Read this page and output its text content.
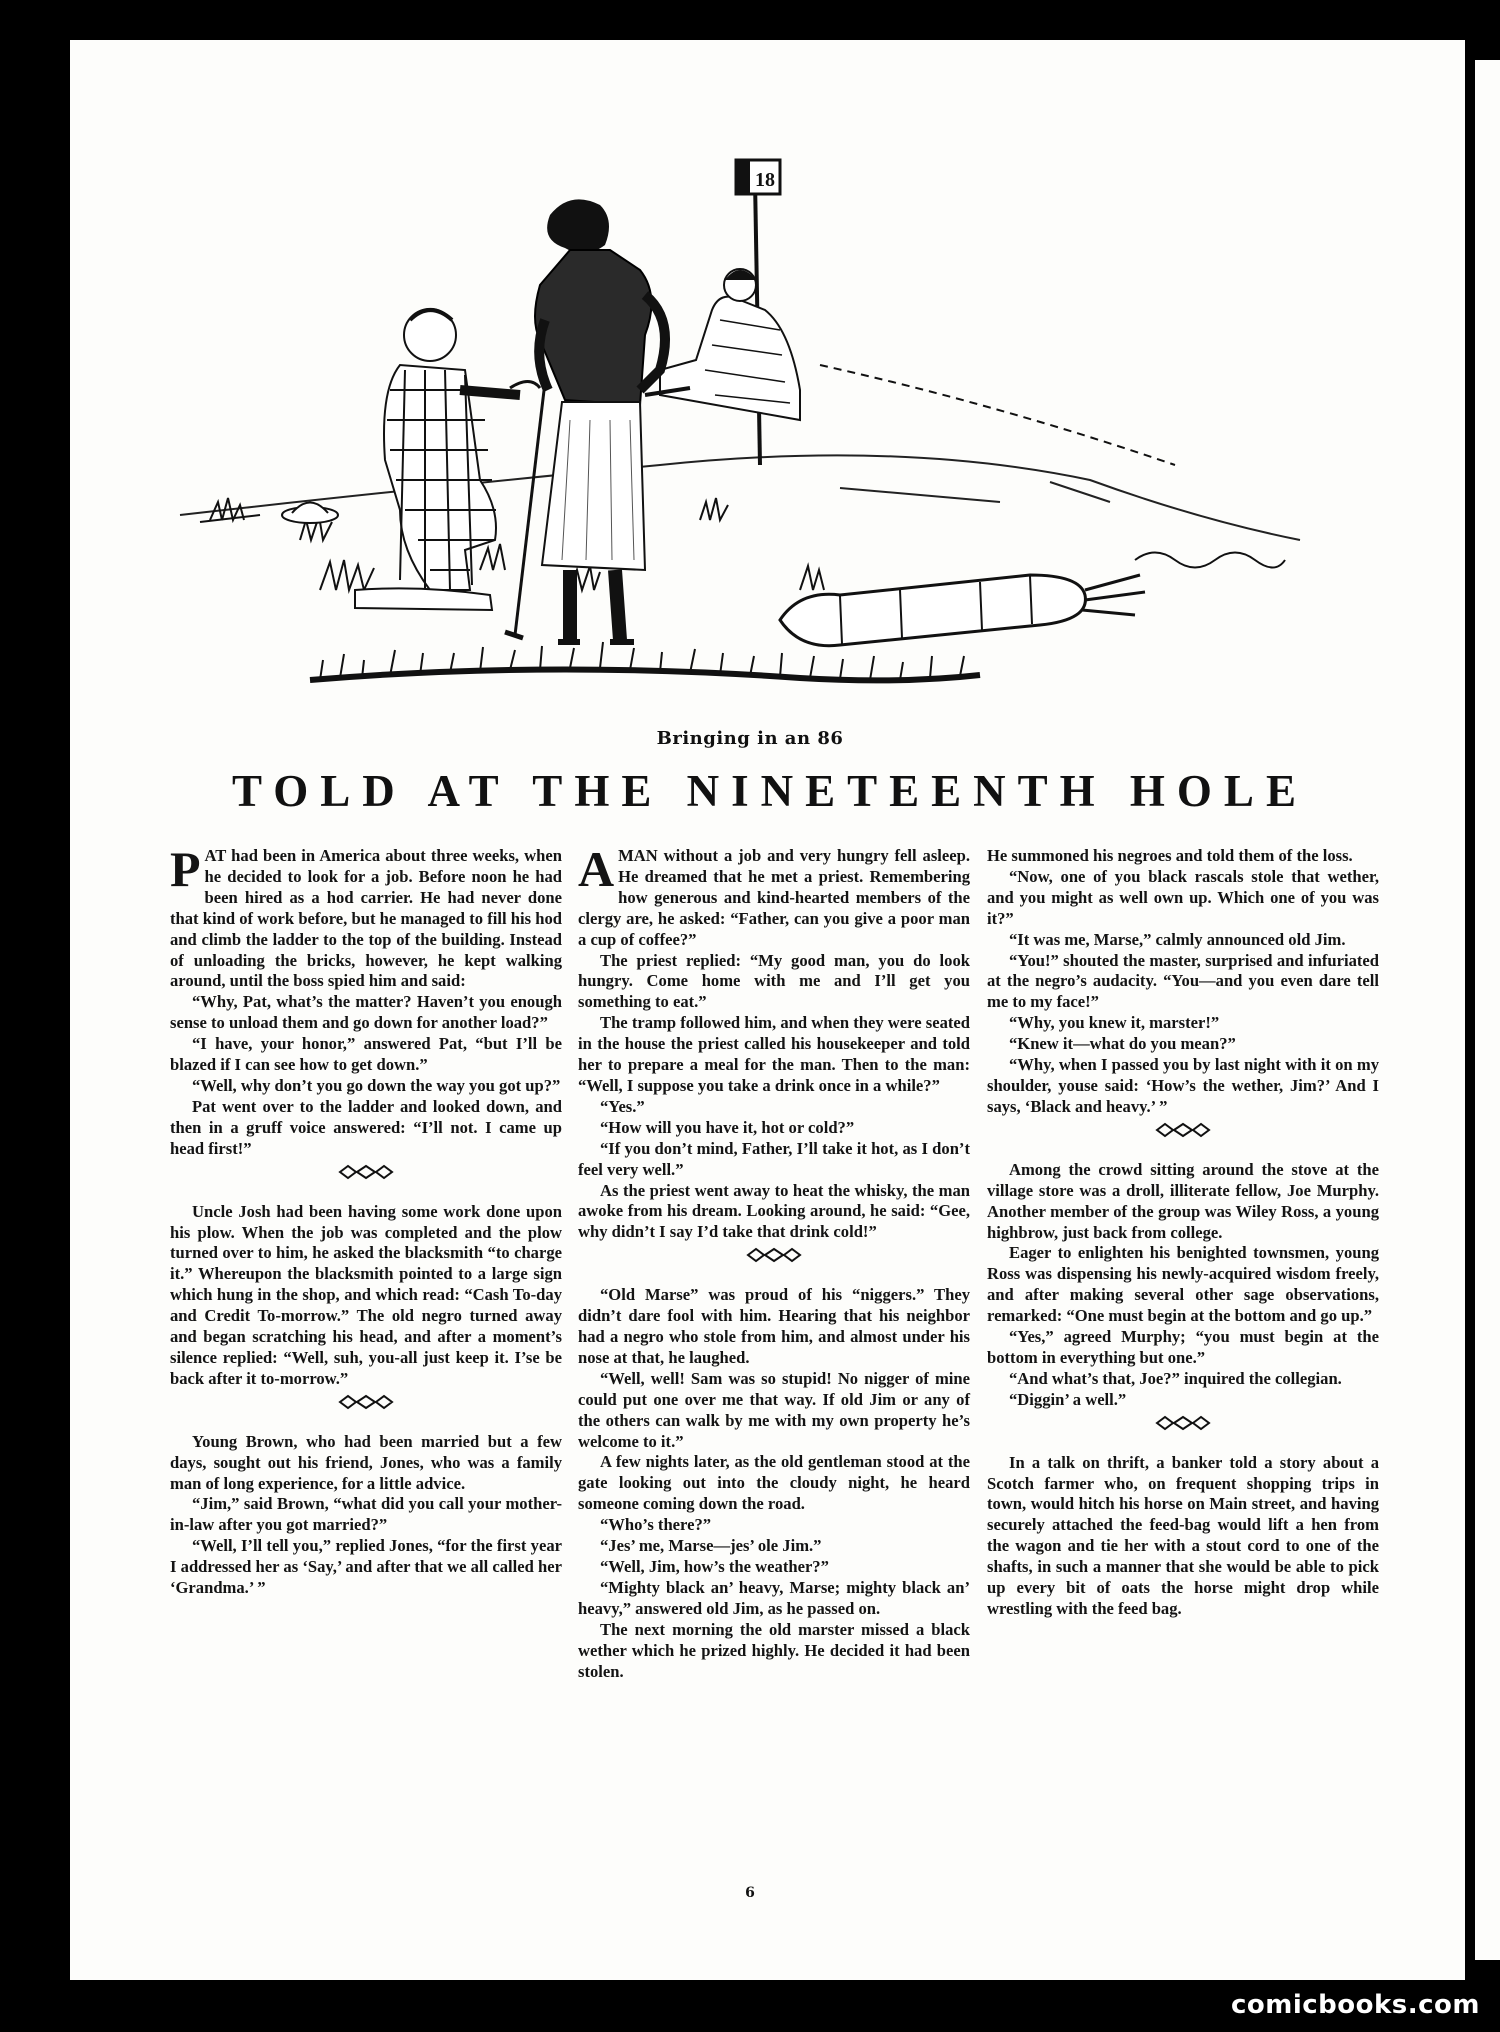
18
Bringing in an 86
TOLD AT THE NINETEENTH HOLE

PAT had been in America about three weeks, when he decided to look for a job. Before noon he had been hired as a hod carrier. He had never done that kind of work before, but he managed to fill his hod and climb the ladder to the top of the building. Instead of unloading the bricks, however, he kept walking around, until the boss spied him and said:

“Why, Pat, what’s the matter? Haven’t you enough sense to unload them and go down for another load?”

“I have, your honor,” answered Pat, “but I’ll be blazed if I can see how to get down.”

“Well, why don’t you go down the way you got up?”

Pat went over to the ladder and looked down, and then in a gruff voice answered: “I’ll not. I came up head first!”

Uncle Josh had been having some work done upon his plow. When the job was completed and the plow turned over to him, he asked the blacksmith “to charge it.” Whereupon the blacksmith pointed to a large sign which hung in the shop, and which read: “Cash To-day and Credit To-morrow.” The old negro turned away and began scratching his head, and after a moment’s silence replied: “Well, suh, you-all just keep it. I’se be back after it to-morrow.”

Young Brown, who had been married but a few days, sought out his friend, Jones, who was a family man of long experience, for a little advice.

“Jim,” said Brown, “what did you call your mother-in-law after you got married?”

“Well, I’ll tell you,” replied Jones, “for the first year I addressed her as ‘Say,’ and after that we all called her ‘Grandma.’ ”

AMAN without a job and very hungry fell asleep. He dreamed that he met a priest. Remembering how generous and kind-hearted members of the clergy are, he asked: “Father, can you give a poor man a cup of coffee?”

The priest replied: “My good man, you do look hungry. Come home with me and I’ll get you something to eat.”

The tramp followed him, and when they were seated in the house the priest called his housekeeper and told her to prepare a meal for the man. Then to the man: “Well, I suppose you take a drink once in a while?”

“Yes.”

“How will you have it, hot or cold?”

“If you don’t mind, Father, I’ll take it hot, as I don’t feel very well.”

As the priest went away to heat the whisky, the man awoke from his dream. Looking around, he said: “Gee, why didn’t I say I’d take that drink cold!”

“Old Marse” was proud of his “niggers.” They didn’t dare fool with him. Hearing that his neighbor had a negro who stole from him, and almost under his nose at that, he laughed.

“Well, well! Sam was so stupid! No nigger of mine could put one over me that way. If old Jim or any of the others can walk by me with my own property he’s welcome to it.”

A few nights later, as the old gentleman stood at the gate looking out into the cloudy night, he heard someone coming down the road.

“Who’s there?”

“Jes’ me, Marse—jes’ ole Jim.”

“Well, Jim, how’s the weather?”

“Mighty black an’ heavy, Marse; mighty black an’ heavy,” answered old Jim, as he passed on.

The next morning the old marster missed a black wether which he prized highly. He decided it had been stolen.

He summoned his negroes and told them of the loss.

“Now, one of you black rascals stole that wether, and you might as well own up. Which one of you was it?”

“It was me, Marse,” calmly announced old Jim.

“You!” shouted the master, surprised and infuriated at the negro’s audacity. “You—and you even dare tell me to my face!”

“Why, you knew it, marster!”

“Knew it—what do you mean?”

“Why, when I passed you by last night with it on my shoulder, youse said: ‘How’s the wether, Jim?’ And I says, ‘Black and heavy.’ ”

Among the crowd sitting around the stove at the village store was a droll, illiterate fellow, Joe Murphy. Another member of the group was Wiley Ross, a young highbrow, just back from college.

Eager to enlighten his benighted townsmen, young Ross was dispensing his newly-acquired wisdom freely, and after making several other sage observations, remarked: “One must begin at the bottom and go up.”

“Yes,” agreed Murphy; “you must begin at the bottom in everything but one.”

“And what’s that, Joe?” inquired the collegian.

“Diggin’ a well.”

In a talk on thrift, a banker told a story about a Scotch farmer who, on frequent shopping trips in town, would hitch his horse on Main street, and having securely attached the feed-bag would lift a hen from the wagon and tie her with a stout cord to one of the shafts, in such a manner that she would be able to pick up every bit of oats the horse might drop while wrestling with the feed bag.

6
comicbooks.com
